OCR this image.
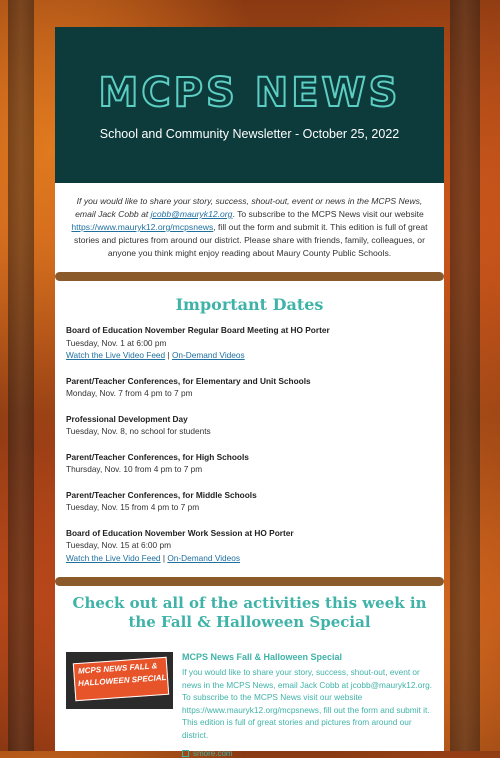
MCPS NEWS
School and Community Newsletter - October 25, 2022
If you would like to share your story, success, shout-out, event or news in the MCPS News, email Jack Cobb at jcobb@mauryk12.org. To subscribe to the MCPS News visit our website https://www.mauryk12.org/mcpsnews, fill out the form and submit it. This edition is full of great stories and pictures from around our district. Please share with friends, family, colleagues, or anyone you think might enjoy reading about Maury County Public Schools.
Important Dates
Board of Education November Regular Board Meeting at HO Porter
Tuesday, Nov. 1 at 6:00 pm
Watch the Live Video Feed | On-Demand Videos
Parent/Teacher Conferences, for Elementary and Unit Schools
Monday, Nov. 7 from 4 pm to 7 pm
Professional Development Day
Tuesday, Nov. 8, no school for students
Parent/Teacher Conferences, for High Schools
Thursday, Nov. 10 from 4 pm to 7 pm
Parent/Teacher Conferences, for Middle Schools
Tuesday, Nov. 15 from 4 pm to 7 pm
Board of Education November Work Session at HO Porter
Tuesday, Nov. 15 at 6:00 pm
Watch the Live Vido Feed | On-Demand Videos
Check out all of the activities this week in the Fall & Halloween Special
MCPS NEWS FALL &
HALLOWEEN SPECIAL
MCPS News Fall & Halloween Special
If you would like to share your story, success, shout-out, event or news in the MCPS News, email Jack Cobb at jcobb@mauryk12.org. To subscribe to the MCPS News visit our website https://www.mauryk12.org/mcpsnews, fill out the form and submit it. This edition is full of great stories and pictures from around our district.
smore.com
